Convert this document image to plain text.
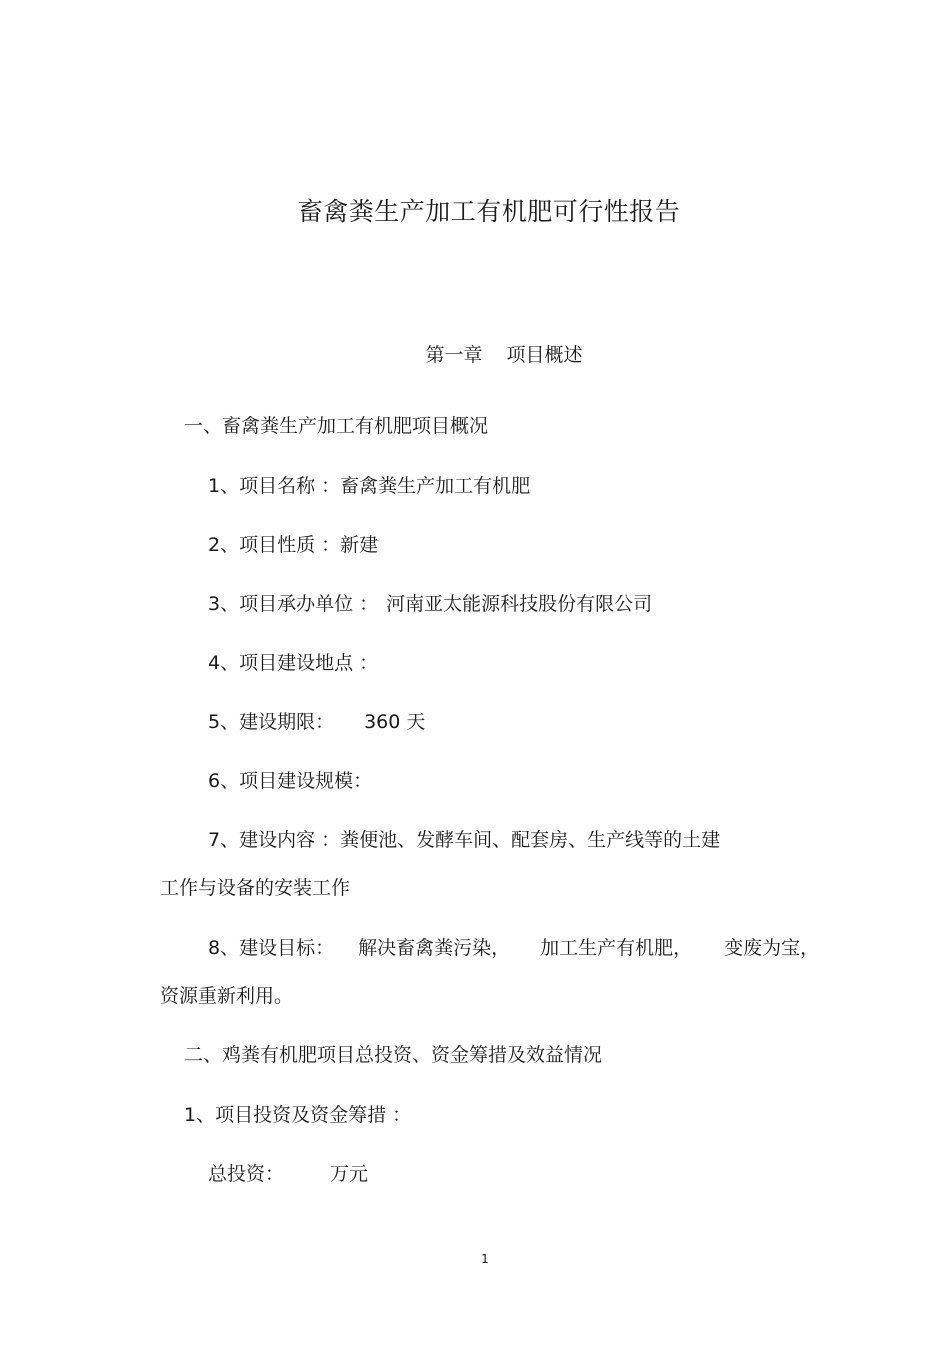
畜禽粪生产加工有机肥可行性报告
第一章 项目概述
一、畜禽粪生产加工有机肥项目概况
1、项目名称 ：畜禽粪生产加工有机肥
2、项目性质 ：新建
3、项目承办单位 ： 河南亚太能源科技股份有限公司
4、项目建设地点 ：
5、建设期限： 360 天
6、项目建设规模：
7、建设内容 ：粪便池、发酵车间、配套房、生产线等的土建
工作与设备的安装工作
8、建设目标： 解决畜禽粪污染， 加工生产有机肥， 变废为宝，
资源重新利用。
二、鸡粪有机肥项目总投资、资金筹措及效益情况
1、项目投资及资金筹措 ：
总投资： 万元
1
